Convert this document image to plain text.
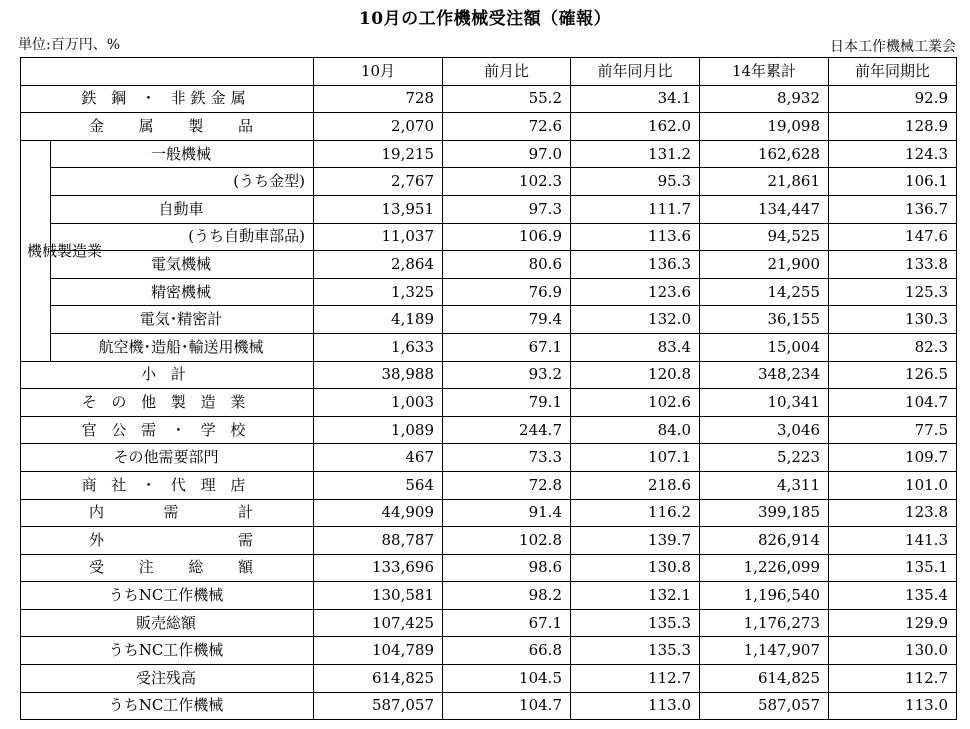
10月の工作機械受注額（確報）
単位:百万円、%	日本工作機械工業会
		10月	前月比	前年同月比	14年累計	前年同期比
鉄 鋼 ・ 非鉄金属		728	55.2	34.1	8,932	92.9
金　属　製　品		2,070	72.6	162.0	19,098	128.9
機械製造業	一般機械	19,215	97.0	131.2	162,628	124.3
	(うち金型)	2,767	102.3	95.3	21,861	106.1
	自動車	13,951	97.3	111.7	134,447	136.7
	(うち自動車部品)	11,037	106.9	113.6	94,525	147.6
	電気機械	2,864	80.6	136.3	21,900	133.8
	精密機械	1,325	76.9	123.6	14,255	125.3
	電気･精密計	4,189	79.4	132.0	36,155	130.3
	航空機･造船･輸送用機械	1,633	67.1	83.4	15,004	82.3
小 計		38,988	93.2	120.8	348,234	126.5
そ の 他 製 造 業		1,003	79.1	102.6	10,341	104.7
官 公 需 ・ 学 校		1,089	244.7	84.0	3,046	77.5
その他需要部門		467	73.3	107.1	5,223	109.7
商 社 ・ 代 理 店		564	72.8	218.6	4,311	101.0
内　　需　　計		44,909	91.4	116.2	399,185	123.8
外　　　　　需		88,787	102.8	139.7	826,914	141.3
受　注　総　額		133,696	98.6	130.8	1,226,099	135.1
うちNC工作機械		130,581	98.2	132.1	1,196,540	135.4
販売総額		107,425	67.1	135.3	1,176,273	129.9
うちNC工作機械		104,789	66.8	135.3	1,147,907	130.0
受注残高		614,825	104.5	112.7	614,825	112.7
うちNC工作機械		587,057	104.7	113.0	587,057	113.0
